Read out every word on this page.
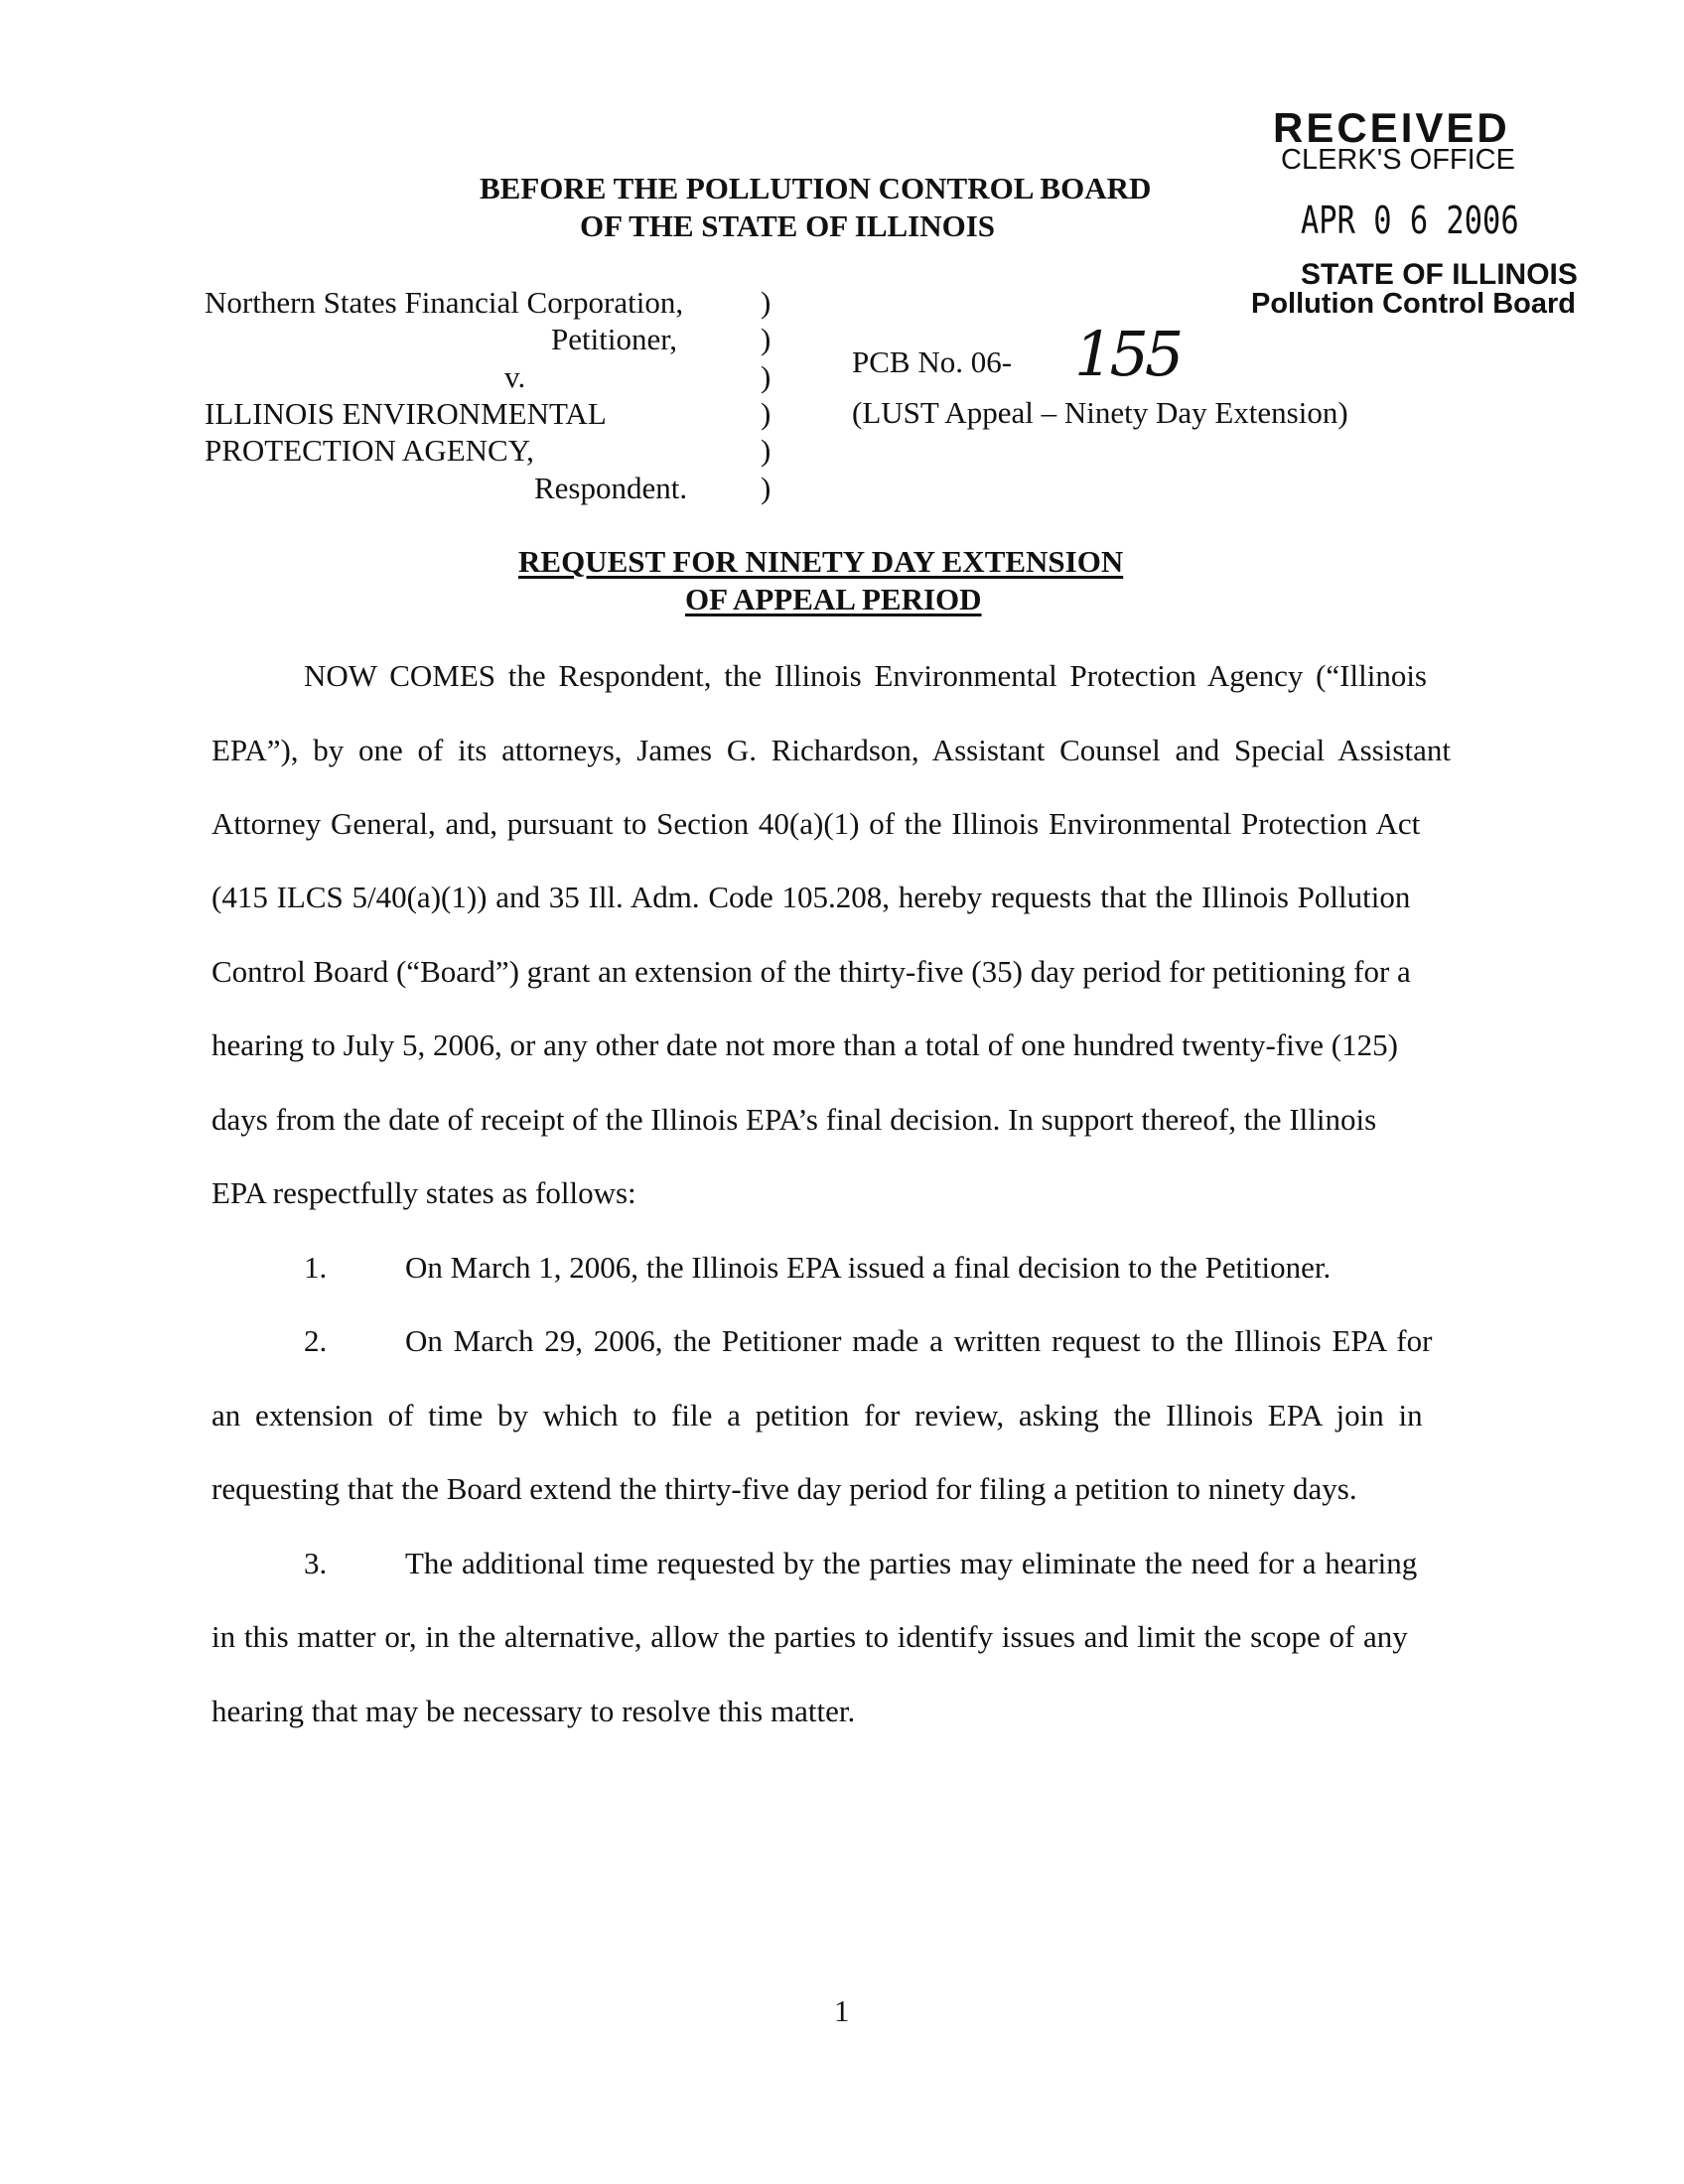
RECEIVED
CLERK'S OFFICE
APR 0 6 2006
STATE OF ILLINOIS
Pollution Control Board
BEFORE THE POLLUTION CONTROL BOARD
OF THE STATE OF ILLINOIS
Northern States Financial Corporation,
Petitioner,
v.
ILLINOIS ENVIRONMENTAL
PROTECTION AGENCY,
Respondent.
)
)
)
)
)
)
PCB No. 06- 155
(LUST Appeal – Ninety Day Extension)
REQUEST FOR NINETY DAY EXTENSION
OF APPEAL PERIOD
NOW COMES the Respondent, the Illinois Environmental Protection Agency (“Illinois
EPA”), by one of its attorneys, James G. Richardson, Assistant Counsel and Special Assistant
Attorney General, and, pursuant to Section 40(a)(1) of the Illinois Environmental Protection Act
(415 ILCS 5/40(a)(1)) and 35 Ill. Adm. Code 105.208, hereby requests that the Illinois Pollution
Control Board (“Board”) grant an extension of the thirty-five (35) day period for petitioning for a
hearing to July 5, 2006, or any other date not more than a total of one hundred twenty-five (125)
days from the date of receipt of the Illinois EPA’s final decision. In support thereof, the Illinois
EPA respectfully states as follows:
1.	On March 1, 2006, the Illinois EPA issued a final decision to the Petitioner.
2.	On March 29, 2006, the Petitioner made a written request to the Illinois EPA for
an extension of time by which to file a petition for review, asking the Illinois EPA join in
requesting that the Board extend the thirty-five day period for filing a petition to ninety days.
3.	The additional time requested by the parties may eliminate the need for a hearing
in this matter or, in the alternative, allow the parties to identify issues and limit the scope of any
hearing that may be necessary to resolve this matter.
1
